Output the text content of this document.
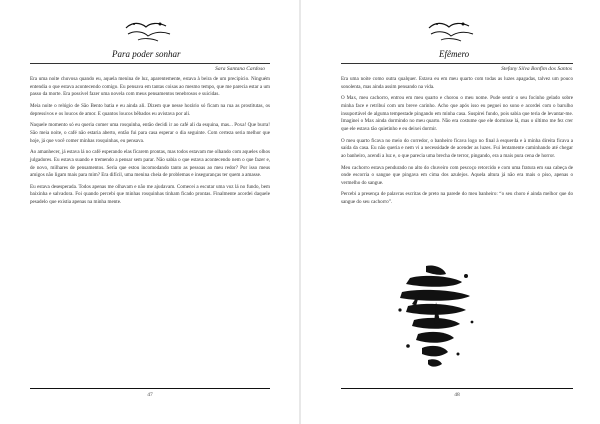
Para poder sonhar
Sara Santana Cardoso

Era uma noite chuvosa quando eu, aquela menina de luz, aparentemente, estava à beira de um precipício. Ninguém entendia o que estava acontecendo comigo. Eu pensava em tantas coisas ao mesmo tempo, que me parecia estar a um passo da morte. Era possível fazer uma novela com meus pensamentos tenebrosos e suicidas.

Meia noite o relógio de São Bento batia e eu ainda ali. Dizem que nesse horário só ficam na rua as prostitutas, os depressivos e os loucos de amor. E quantos loucos bêbados eu avistava por ali.

Naquele momento só eu queria comer uma rosquinha, então decidi ir ao café ali da esquina, mas... Poxa! Que burra! São meia noite, o café não estaria aberto, então fui para casa esperar o dia seguinte. Com certeza seria melhor que hoje, já que você comer minhas rosquinhas, eu pensava.

Ao amanhecer, já estava lá no café esperando elas ficarem prontas, mas todos estavam me olhando com aqueles olhos julgadores. Eu estava suando e tremendo a pensar sem parar. Não sabia o que estava acontecendo nem o que fazer e, de novo, milhares de pensamentos. Seria que estou incomodando tanto as pessoas ao meu redor? Por isso meus amigos não ligam mais para mim? Era difícil, uma menina cheia de problemas e inseguranças ter quem a amasse.

Eu estava desesperada. Todos apenas me olhavam e não me ajudavam. Comecei a escutar uma voz lá no fundo, bem baixinha e salvadora. Foi quando percebi que minhas rosquinhas tinham ficado prontas. Finalmente acordei daquele pesadelo que existia apenas na minha mente.

47
Efêmero
Stefany Silva Bonfim dos Santos

Era uma noite como outra qualquer. Estava eu em meu quarto com todas as luzes apagadas, talvez um pouco sonolenta, mas ainda assim pensando na vida.

O Max, meu cachorro, entrou em meu quarto e chorou o meu nome. Pude sentir o seu focinho gelado sobre minha face e retribuí com um breve carinho. Acho que após isso eu peguei no sono e acordei com o barulho insuportável de alguma tempestade pingando em minha casa. Suspirei fundo, pois sabia que teria de levantar-me. Imaginei o Max ainda dormindo no meu quarto. Não era costume que ele dormisse lá, mas o último me fez crer que ele estava tão quietinho e eu deixei dormir.

O meu quarto ficava no meio do corredor, o banheiro ficava logo no final à esquerda e à minha direita ficava a saída da casa. Eu não queria e nem vi a necessidade de acender as luzes. Fui lentamente caminhando até chegar ao banheiro, acendi a luz e, o que parecia uma brecha de terror, pingando, era a mais pura cena de horror.

Meu cachorro estava pendurado no alto do chuveiro com pescoço retorcido e com uma fratura em sua cabeça de onde escorria o sangue que pingava em cima dos azulejos. Aquela altura já não era mais o piso, apenas o vermelho do sangue.

Percebi a presença de palavras escritas de preto na parede do meu banheiro: “o seu choro é ainda melhor que do sangue do seu cachorro”.

48
